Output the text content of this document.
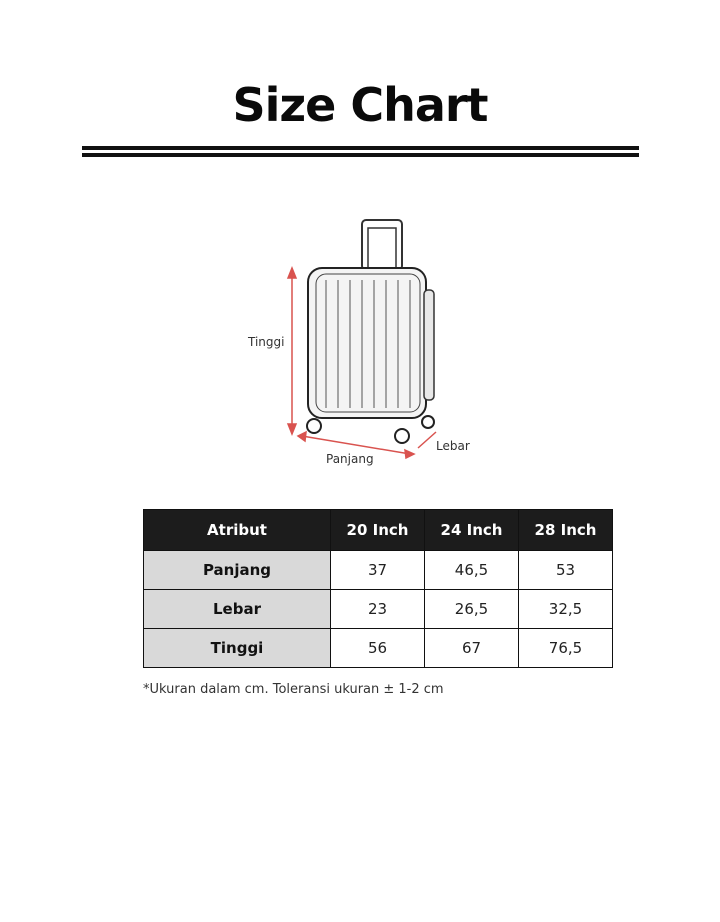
Size Chart
Tinggi
Panjang
Lebar
Atribut	20 Inch	24 Inch	28 Inch
Panjang	37	46,5	53
Lebar	23	26,5	32,5
Tinggi	56	67	76,5
*Ukuran dalam cm. Toleransi ukuran ± 1-2 cm
